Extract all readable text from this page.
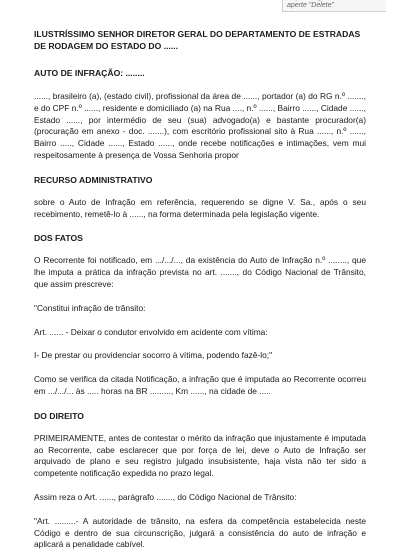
aperte "Delete"
ILUSTRÍSSIMO SENHOR DIRETOR GERAL DO DEPARTAMENTO DE ESTRADAS DE RODAGEM DO ESTADO DO ......
AUTO DE INFRAÇÃO: ........

......, brasileiro (a), (estado civil), profissional da área de ......, portador (a) do RG n.º ......., e do CPF n.º ......, residente e domiciliado (a) na Rua ...., n.º ......, Bairro ......, Cidade ......, Estado ......, por intermédio de seu (sua) advogado(a) e bastante procurador(a) (procuração em anexo - doc. .......), com escritório profissional sito à Rua ......, n.º ......, Bairro ....., Cidade ......, Estado ......, onde recebe notificações e intimações, vem mui respeitosamente à presença de Vossa Senhoria propor

RECURSO ADMINISTRATIVO

sobre o Auto de Infração em referência, requerendo se digne V. Sa., após o seu recebimento, remetê-lo à ......, na forma determinada pela legislação vigente.

DOS FATOS

O Recorrente foi notificado, em .../.../..., da existência do Auto de Infração n.º ........, que lhe imputa a prática da infração prevista no art. ......., do Código Nacional de Trânsito, que assim prescreve:

"Constitui infração de trânsito:

Art. ...... - Deixar o condutor envolvido em acidente com vítima:

I- De prestar ou providenciar socorro à vítima, podendo fazê-lo;"

Como se verifica da citada Notificação, a infração que é imputada ao Recorrente ocorreu em .../.../... às ..... horas na BR ........., Km ......, na cidade de .....

DO DIREITO

PRIMEIRAMENTE, antes de contestar o mérito da infração que injustamente é imputada ao Recorrente, cabe esclarecer que por força de lei, deve o Auto de Infração ser arquivado de plano e seu registro julgado insubsistente, haja vista não ter sido a competente notificação expedida no prazo legal.

Assim reza o Art. ......, parágrafo ......., do Código Nacional de Trânsito:

"Art. .........- A autoridade de trânsito, na esfera da competência estabelecida neste Código e dentro de sua circunscrição, julgará a consistência do auto de infração e aplicará a penalidade cabível.
